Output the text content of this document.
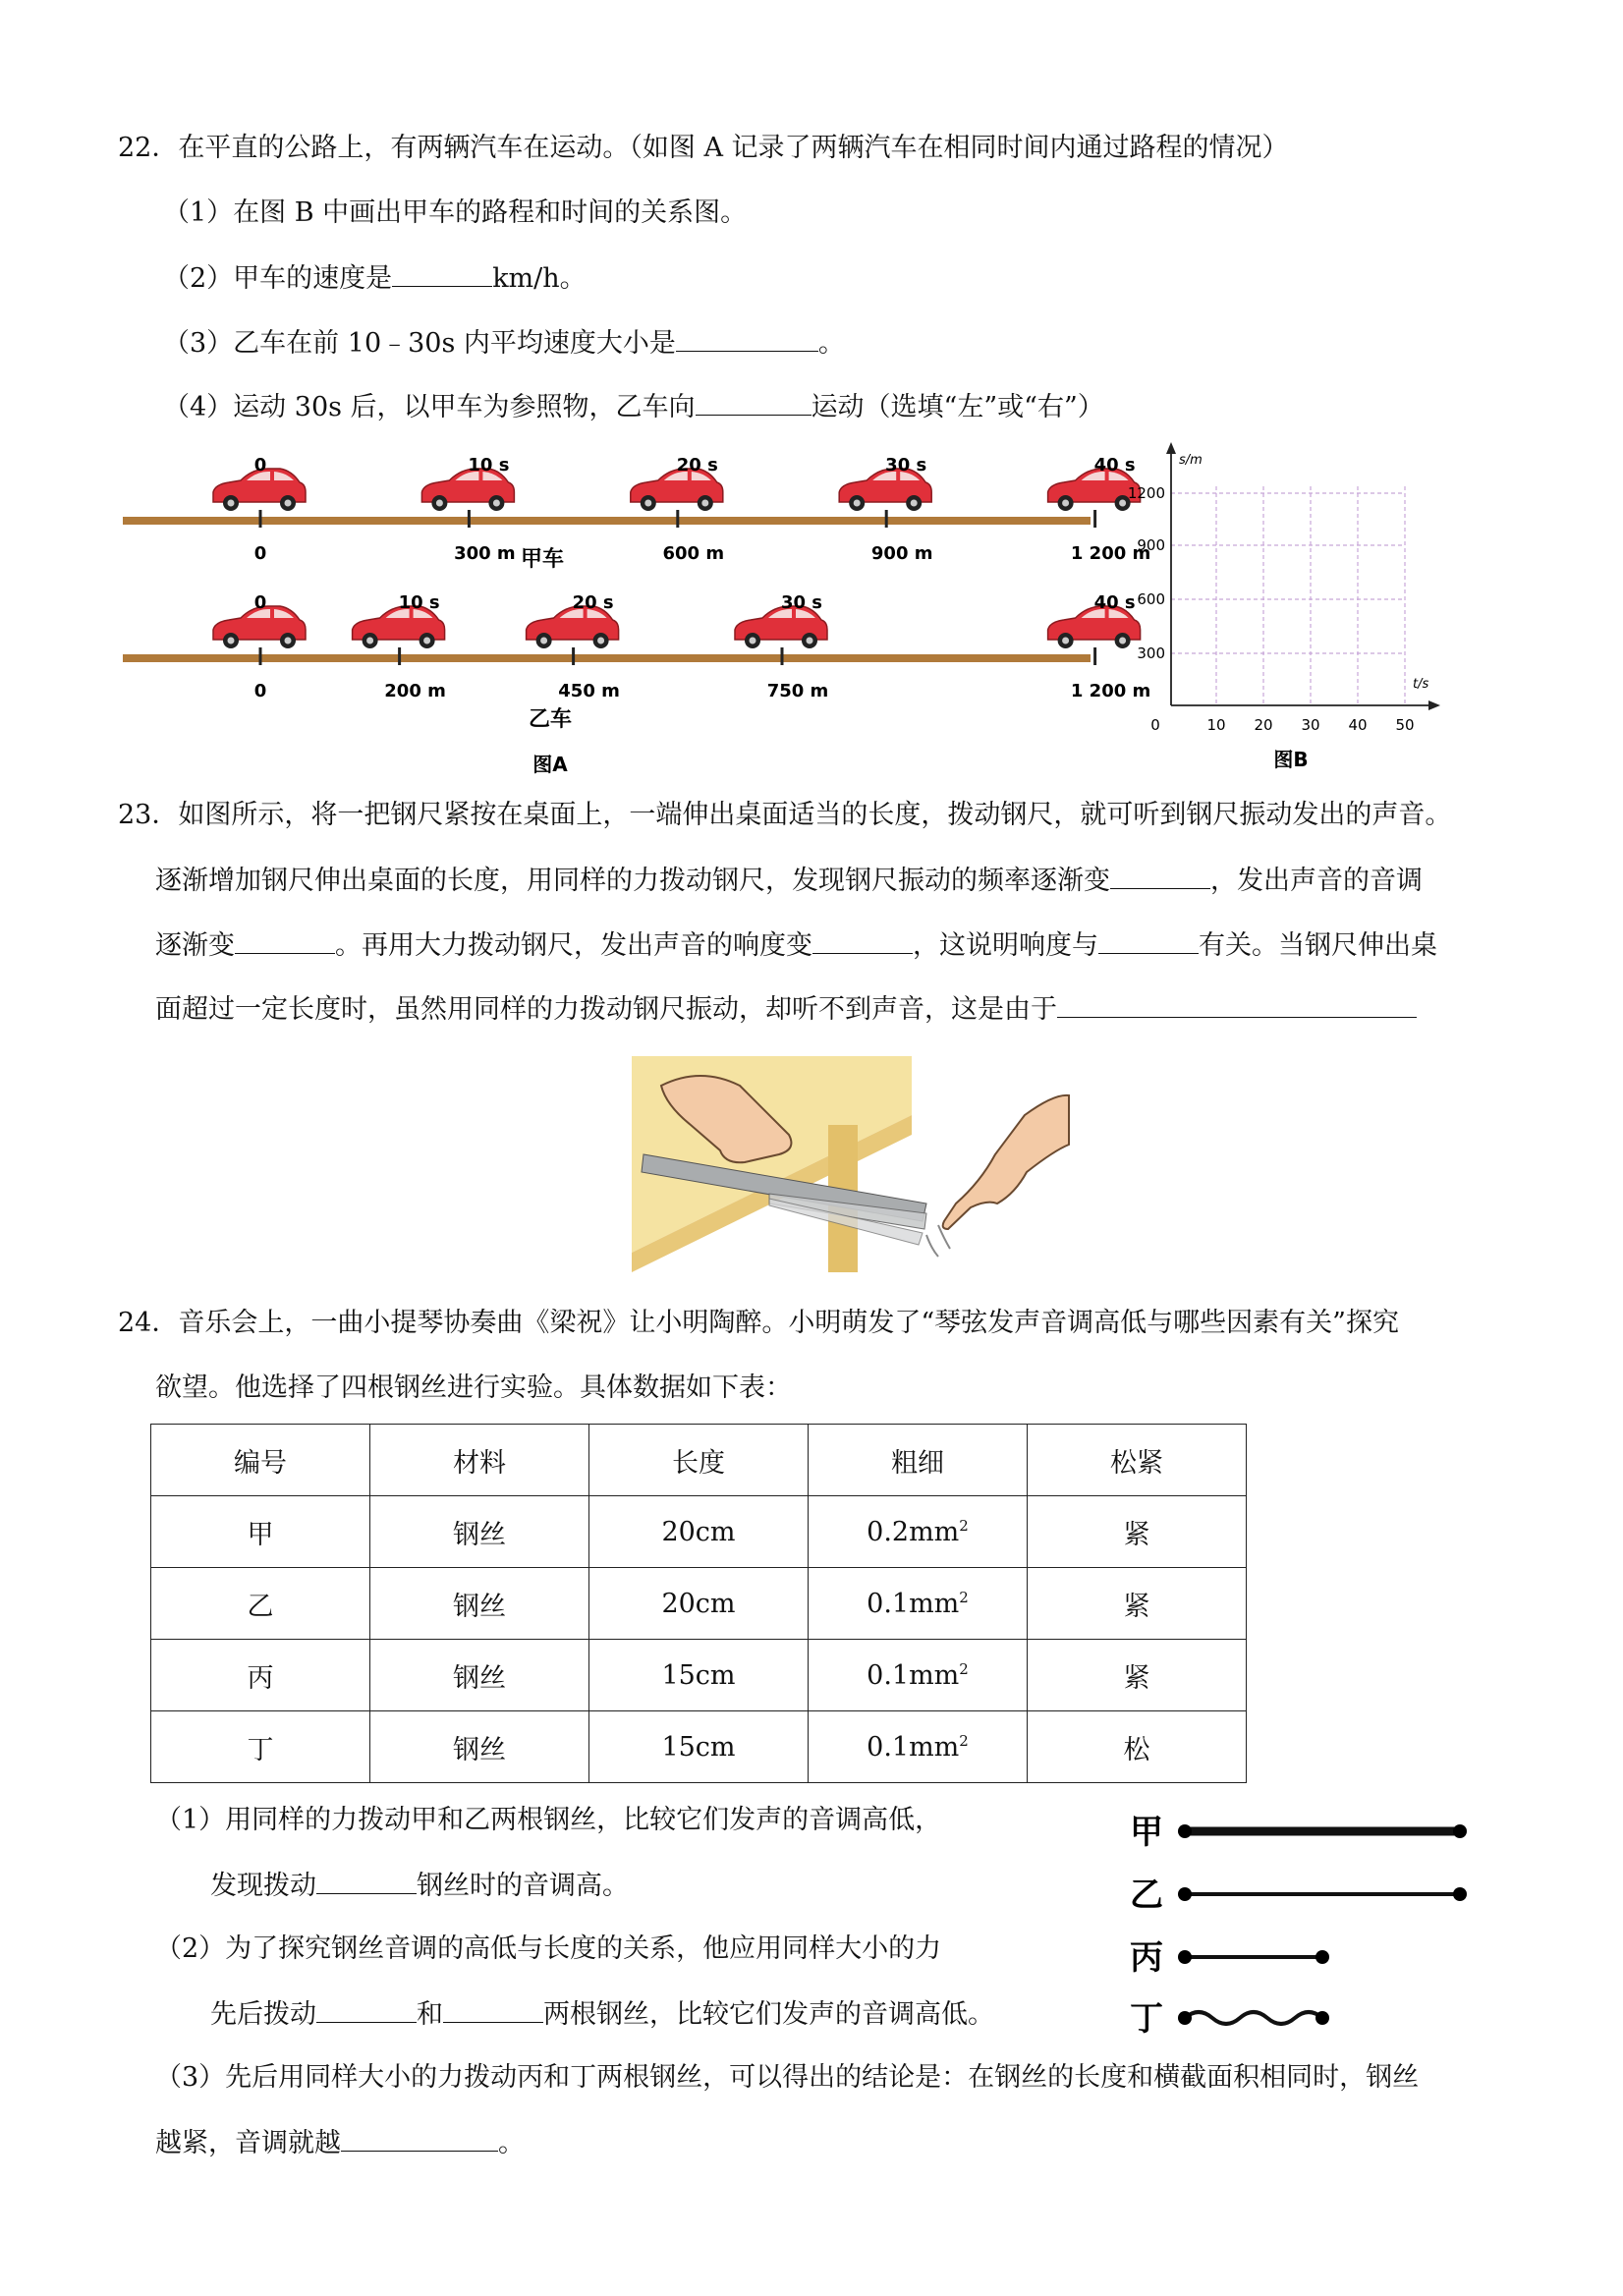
22．在平直的公路上，有两辆汽车在运动。（如图 A 记录了两辆汽车在相同时间内通过路程的情况）
（1）在图 B 中画出甲车的路程和时间的关系图。
（2）甲车的速度是	km/h。
（3）乙车在前 10﹣30s 内平均速度大小是	。
（4）运动 30s 后，以甲车为参照物，乙车向	运动（选填“左”或“右”）
0
0
10 s
300 m
20 s
600 m
30 s
900 m
40 s
1 200 m
0
0
10 s
200 m
20 s
450 m
30 s
750 m
40 s
1 200 m
甲车
乙车
图A
s/m
t/s
1200
900
600
300
0	10 20 30 40 50
图B
23．如图所示，将一把钢尺紧按在桌面上，一端伸出桌面适当的长度，拨动钢尺，就可听到钢尺振动发出的声音。
逐渐增加钢尺伸出桌面的长度，用同样的力拨动钢尺，发现钢尺振动的频率逐渐变	，发出声音的音调
逐渐变	。再用大力拨动钢尺，发出声音的响度变	，这说明响度与	有关。当钢尺伸出桌
面超过一定长度时，虽然用同样的力拨动钢尺振动，却听不到声音，这是由于
24．音乐会上，一曲小提琴协奏曲《梁祝》让小明陶醉。小明萌发了“琴弦发声音调高低与哪些因素有关”探究
欲望。他选择了四根钢丝进行实验。具体数据如下表：
编号	材料	长度	粗细	松紧
甲	钢丝	20cm	$0.2mm^2$	紧
乙	钢丝	20cm	$0.1mm^2$	紧
丙	钢丝	15cm	$0.1mm^2$	紧
丁	钢丝	15cm	$0.1mm^2$	松
（1）用同样的力拨动甲和乙两根钢丝，比较它们发声的音调高低，
发现拨动	钢丝时的音调高。
（2）为了探究钢丝音调的高低与长度的关系，他应用同样大小的力
先后拨动	和	两根钢丝，比较它们发声的音调高低。
（3）先后用同样大小的力拨动丙和丁两根钢丝，可以得出的结论是：在钢丝的长度和横截面积相同时，钢丝
越紧，音调就越	。
甲
乙
丙
丁
